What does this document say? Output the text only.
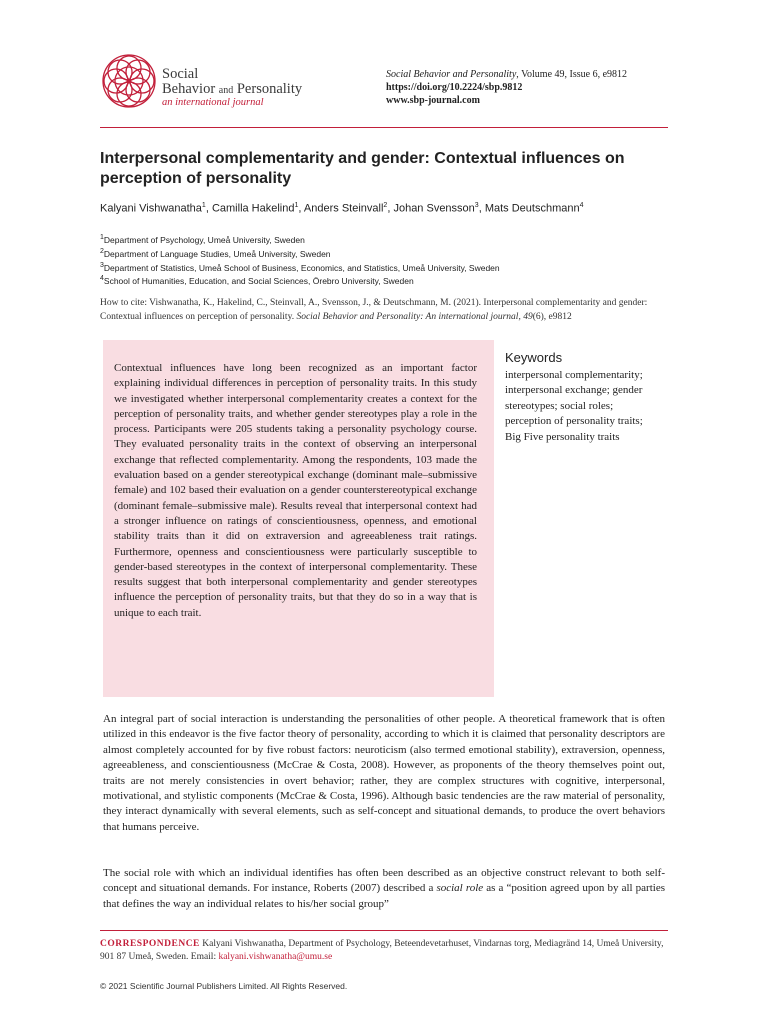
Social
Behavior and Personality
an international journal
Social Behavior and Personality, Volume 49, Issue 6, e9812
https://doi.org/10.2224/sbp.9812
www.sbp-journal.com
Interpersonal complementarity and gender: Contextual influences on perception of personality
Kalyani Vishwanatha$^1$, Camilla Hakelind$^1$, Anders Steinvall$^2$, Johan Svensson$^3$, Mats Deutschmann$^4$
$^1$Department of Psychology, Umeå University, Sweden
$^2$Department of Language Studies, Umeå University, Sweden
$^3$Department of Statistics, Umeå School of Business, Economics, and Statistics, Umeå University, Sweden
$^4$School of Humanities, Education, and Social Sciences, Örebro University, Sweden
How to cite: Vishwanatha, K., Hakelind, C., Steinvall, A., Svensson, J., & Deutschmann, M. (2021). Interpersonal complementarity and gender: Contextual influences on perception of personality. Social Behavior and Personality: An international journal, 49(6), e9812

Contextual influences have long been recognized as an important factor explaining individual differences in perception of personality traits. In this study we investigated whether interpersonal complementarity creates a context for the perception of personality traits, and whether gender stereotypes play a role in the process. Participants were 205 students taking a personality psychology course. They evaluated personality traits in the context of observing an interpersonal exchange that reflected complementarity. Among the respondents, 103 made the evaluation based on a gender stereotypical exchange (dominant male–submissive female) and 102 based their evaluation on a gender counterstereotypical exchange (dominant female–submissive male). Results reveal that interpersonal context had a stronger influence on ratings of conscientiousness, openness, and emotional stability traits than it did on extraversion and agreeableness trait ratings. Furthermore, openness and conscientiousness were particularly susceptible to gender-based stereotypes in the context of interpersonal complementarity. These results suggest that both interpersonal complementarity and gender stereotypes influence the perception of personality traits, but that they do so in a way that is unique to each trait.

Keywords
interpersonal complementarity; interpersonal exchange; gender stereotypes; social roles; perception of personality traits; Big Five personality traits

An integral part of social interaction is understanding the personalities of other people. A theoretical framework that is often utilized in this endeavor is the five factor theory of personality, according to which it is claimed that personality descriptors are almost completely accounted for by five robust factors: neuroticism (also termed emotional stability), extraversion, openness, agreeableness, and conscientiousness (McCrae & Costa, 2008). However, as proponents of the theory themselves point out, traits are not merely consistencies in overt behavior; rather, they are complex structures with cognitive, interpersonal, motivational, and stylistic components (McCrae & Costa, 1996). Although basic tendencies are the raw material of personality, they interact dynamically with several elements, such as self-concept and situational demands, to produce the overt behaviors that humans perceive.

The social role with which an individual identifies has often been described as an objective construct relevant to both self-concept and situational demands. For instance, Roberts (2007) described a social role as a “position agreed upon by all parties that defines the way an individual relates to his/her social group”

CORRESPONDENCE Kalyani Vishwanatha, Department of Psychology, Beteendevetarhuset, Vindarnas torg, Mediagränd 14, Umeå University, 901 87 Umeå, Sweden. Email: kalyani.vishwanatha@umu.se
© 2021 Scientific Journal Publishers Limited. All Rights Reserved.
